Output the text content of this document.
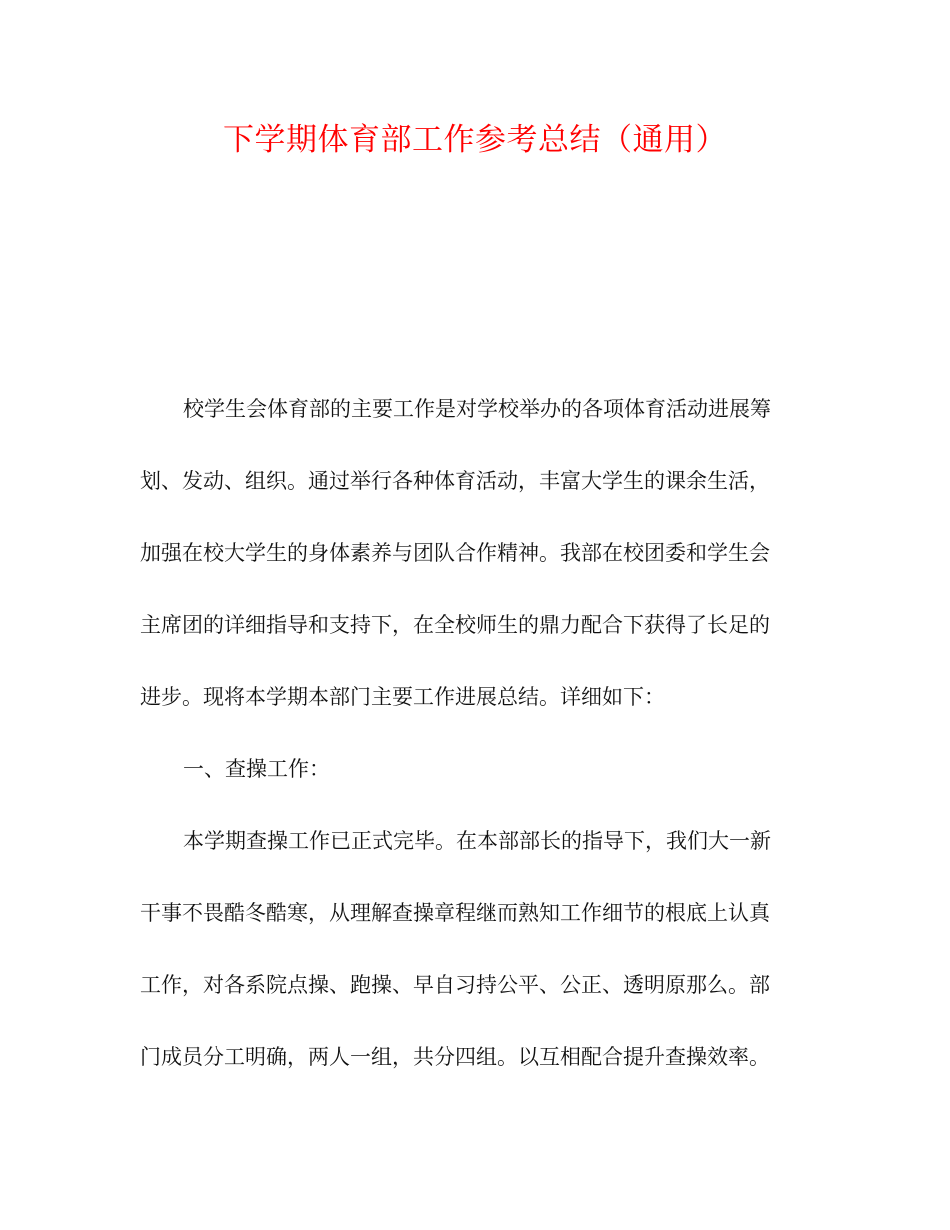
下学期体育部工作参考总结（通用）
校学生会体育部的主要工作是对学校举办的各项体育活动进展筹
划、发动、组织。通过举行各种体育活动，丰富大学生的课余生活，
加强在校大学生的身体素养与团队合作精神。我部在校团委和学生会
主席团的详细指导和支持下，在全校师生的鼎力配合下获得了长足的
进步。现将本学期本部门主要工作进展总结。详细如下：
一、查操工作：
本学期查操工作已正式完毕。在本部部长的指导下，我们大一新
干事不畏酷冬酷寒，从理解查操章程继而熟知工作细节的根底上认真
工作，对各系院点操、跑操、早自习持公平、公正、透明原那么。部
门成员分工明确，两人一组，共分四组。以互相配合提升查操效率。
